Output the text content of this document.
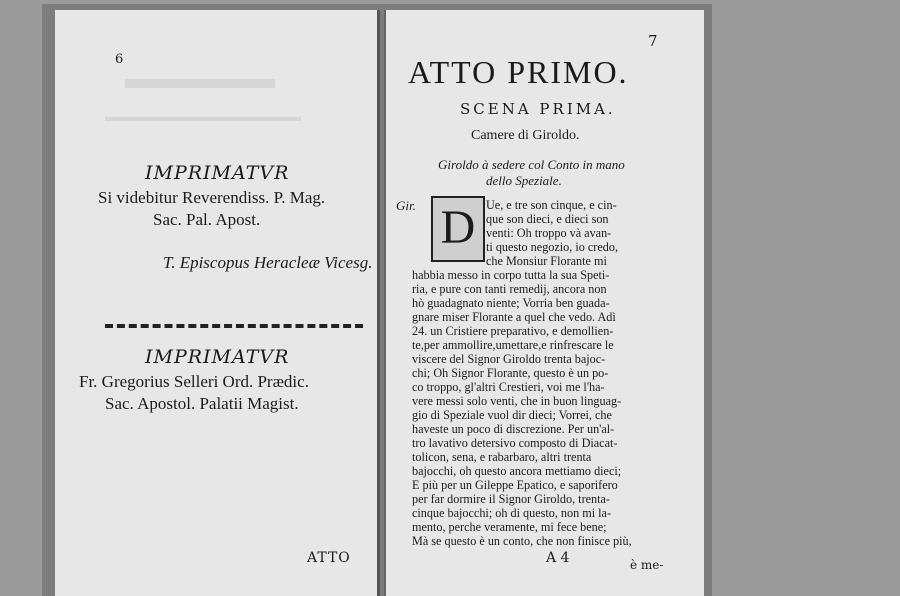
▬▬▬▬▬
▬▬▬▬▬▬▬▬▬▬▬▬▬▬
6
IMPRIMATVR
Si videbitur Reverendiss. P. Mag.
Sac. Pal. Apost.
T. Episcopus Heracleæ Vicesg.
IMPRIMATVR
Fr. Gregorius Selleri Ord. Prædic.
Sac. Apostol. Palatii Magist.
ATTO
7
ATTO PRIMO.
SCENA PRIMA.
Camere di Giroldo.
Giroldo à sedere col Conto in mano
dello Speziale.
Gir. D Ue, e tre son cinque, e cin-
que son dieci, e dieci son
venti: Oh troppo và avan-
ti questo negozio, io credo,
che Monsiur Florante mi
habbia messo in corpo tutta la sua Speti-
ria, e pure con tanti remedij, ancora non
hò guadagnato niente; Vorria ben guada-
gnare miser Florante a quel che vedo. Adì
24. un Cristiere preparativo, e demollien-
te,per ammollire,umettare,e rinfrescare le
viscere del Signor Giroldo trenta bajoc-
chi; Oh Signor Florante, questo è un po-
co troppo, gl'altri Crestieri, voi me l'ha-
vere messi solo venti, che in buon linguag-
gio di Speziale vuol dir dieci; Vorrei, che
haveste un poco di discrezione. Per un'al-
tro lavativo detersivo composto di Diacat-
tolicon, sena, e rabarbaro, altri trenta
bajocchi, oh questo ancora mettiamo dieci;
E più per un Gileppe Epatico, e saporifero
per far dormire il Signor Giroldo, trenta-
cinque bajocchi; oh di questo, non mi la-
mento, perche veramente, mi fece bene;
Mà se questo è un conto, che non finisce più,
A 4	è me-
